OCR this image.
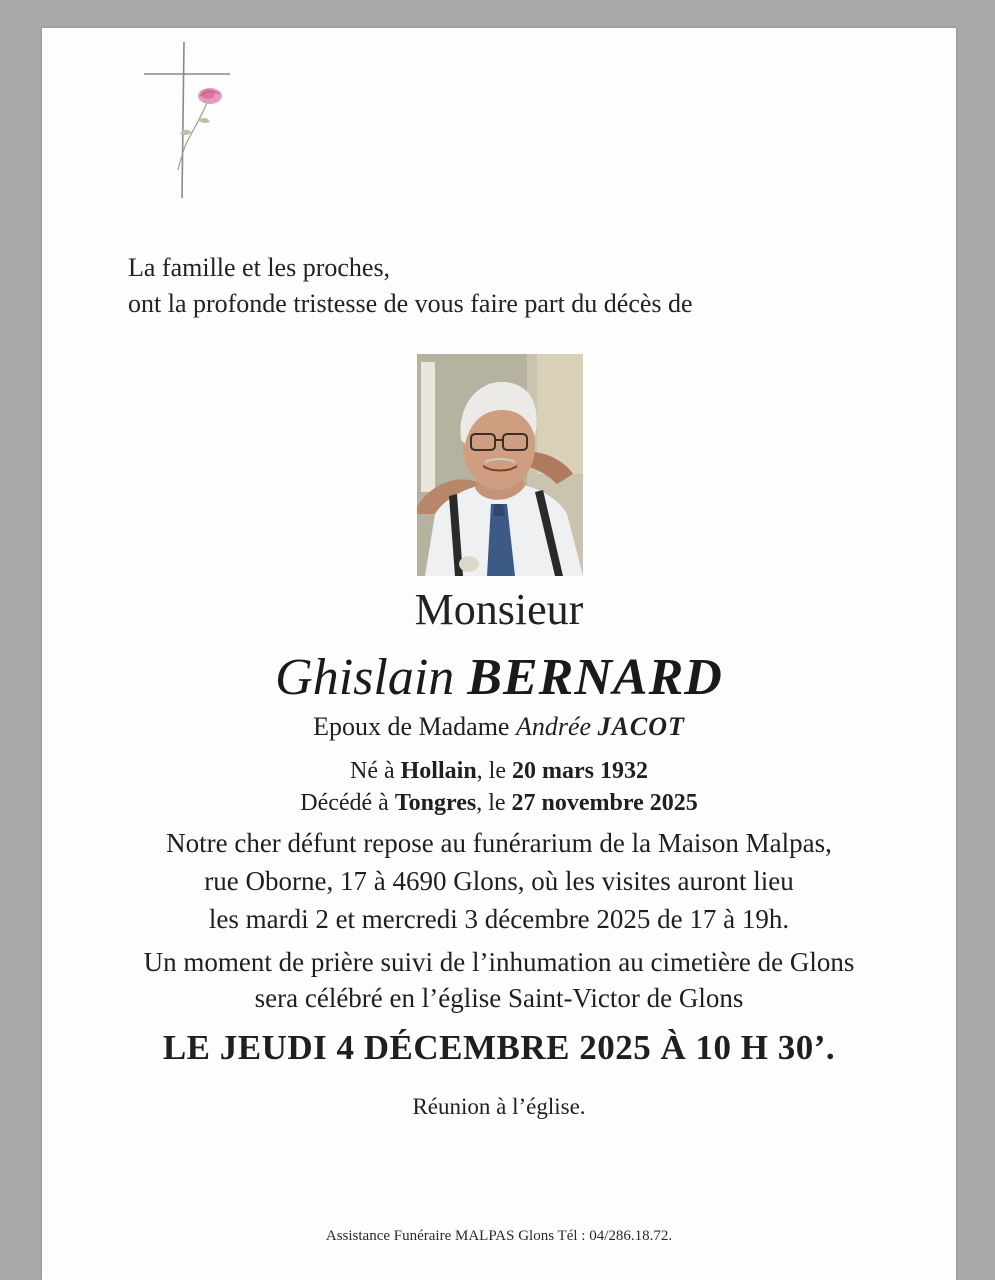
La famille et les proches,
ont la profonde tristesse de vous faire part du décès de
Monsieur
Ghislain BERNARD
Epoux de Madame Andrée JACOT
Né à Hollain, le 20 mars 1932
Décédé à Tongres, le 27 novembre 2025
Notre cher défunt repose au funérarium de la Maison Malpas,
rue Oborne, 17 à 4690 Glons, où les visites auront lieu
les mardi 2 et mercredi 3 décembre 2025 de 17 à 19h.
Un moment de prière suivi de l’inhumation au cimetière de Glons
sera célébré en l’église Saint-Victor de Glons
LE JEUDI 4 DÉCEMBRE 2025 À 10 H 30’.
Réunion à l’église.
Assistance Funéraire MALPAS Glons Tél : 04/286.18.72.
